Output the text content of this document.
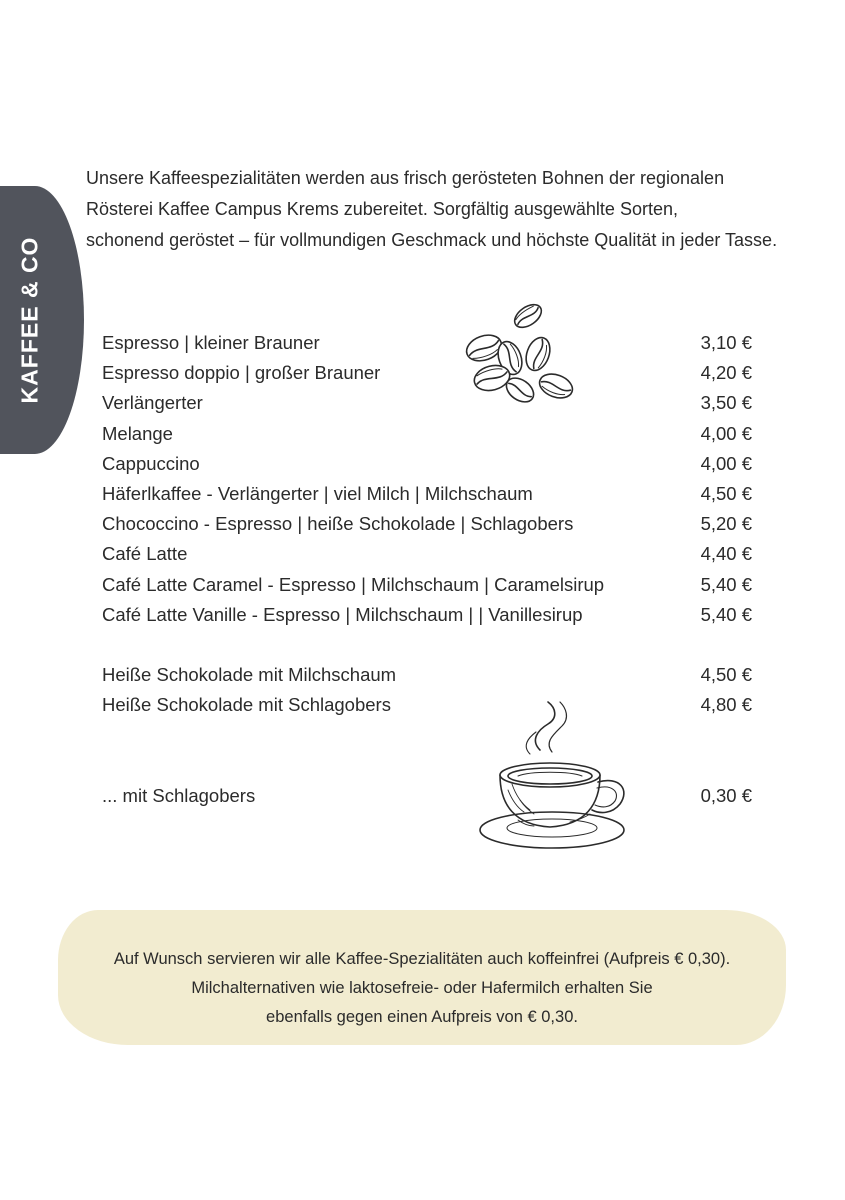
KAFFEE & CO

Unsere Kaffeespezialitäten werden aus frisch gerösteten Bohnen der regionalen

Rösterei Kaffee Campus Krems zubereitet. Sorgfältig ausgewählte Sorten,

schonend geröstet – für vollmundigen Geschmack und höchste Qualität in jeder Tasse.

Espresso | kleiner Brauner	3,10 €
Espresso doppio | großer Brauner	4,20 €
Verlängerter	3,50 €
Melange	4,00 €
Cappuccino	4,00 €
Häferlkaffee - Verlängerter | viel Milch | Milchschaum	4,50 €
Chococcino - Espresso | heiße Schokolade | Schlagobers	5,20 €
Café Latte	4,40 €
Café Latte Caramel - Espresso | Milchschaum | Caramelsirup	5,40 €
Café Latte Vanille - Espresso | Milchschaum | | Vanillesirup	5,40 €
Heiße Schokolade mit Milchschaum	4,50 €
Heiße Schokolade mit Schlagobers	4,80 €
... mit Schlagobers	0,30 €

Auf Wunsch servieren wir alle Kaffee-Spezialitäten auch koffeinfrei (Aufpreis € 0,30).

Milchalternativen wie laktosefreie- oder Hafermilch erhalten Sie

ebenfalls gegen einen Aufpreis von € 0,30.
